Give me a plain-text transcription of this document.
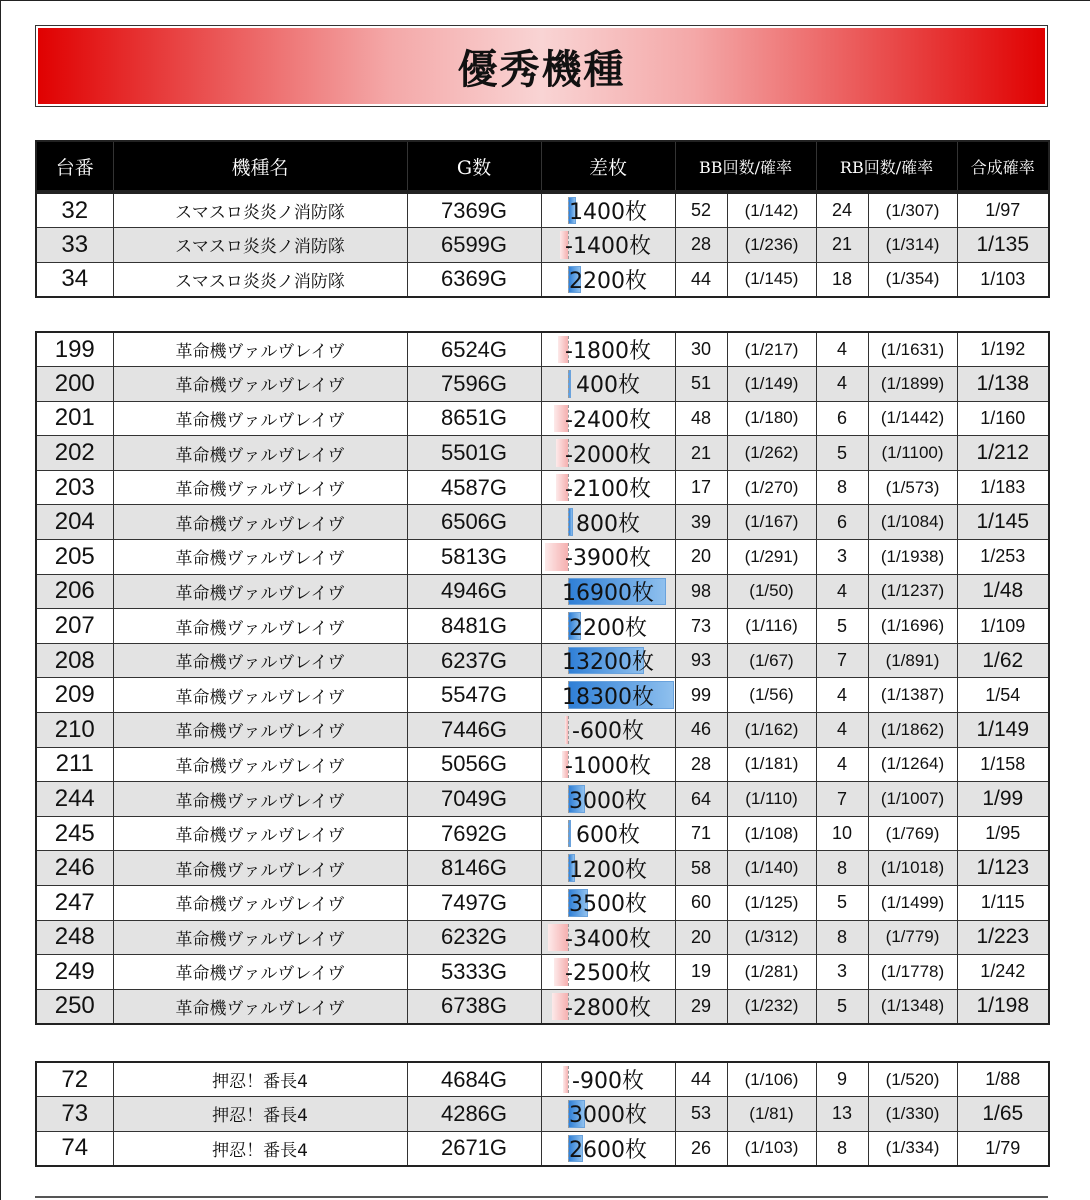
優秀機種
台番	機種名	G数	差枚	BB回数/確率	RB回数/確率	合成確率
32	スマスロ炎炎ノ消防隊	7369G	1400枚	52	(1/142)	24	(1/307)	1/97
33	スマスロ炎炎ノ消防隊	6599G	-1400枚	28	(1/236)	21	(1/314)	1/135
34	スマスロ炎炎ノ消防隊	6369G	2200枚	44	(1/145)	18	(1/354)	1/103
199	革命機ヴァルヴレイヴ	6524G	-1800枚	30	(1/217)	4	(1/1631)	1/192
200	革命機ヴァルヴレイヴ	7596G	400枚	51	(1/149)	4	(1/1899)	1/138
201	革命機ヴァルヴレイヴ	8651G	-2400枚	48	(1/180)	6	(1/1442)	1/160
202	革命機ヴァルヴレイヴ	5501G	-2000枚	21	(1/262)	5	(1/1100)	1/212
203	革命機ヴァルヴレイヴ	4587G	-2100枚	17	(1/270)	8	(1/573)	1/183
204	革命機ヴァルヴレイヴ	6506G	800枚	39	(1/167)	6	(1/1084)	1/145
205	革命機ヴァルヴレイヴ	5813G	-3900枚	20	(1/291)	3	(1/1938)	1/253
206	革命機ヴァルヴレイヴ	4946G	16900枚	98	(1/50)	4	(1/1237)	1/48
207	革命機ヴァルヴレイヴ	8481G	2200枚	73	(1/116)	5	(1/1696)	1/109
208	革命機ヴァルヴレイヴ	6237G	13200枚	93	(1/67)	7	(1/891)	1/62
209	革命機ヴァルヴレイヴ	5547G	18300枚	99	(1/56)	4	(1/1387)	1/54
210	革命機ヴァルヴレイヴ	7446G	-600枚	46	(1/162)	4	(1/1862)	1/149
211	革命機ヴァルヴレイヴ	5056G	-1000枚	28	(1/181)	4	(1/1264)	1/158
244	革命機ヴァルヴレイヴ	7049G	3000枚	64	(1/110)	7	(1/1007)	1/99
245	革命機ヴァルヴレイヴ	7692G	600枚	71	(1/108)	10	(1/769)	1/95
246	革命機ヴァルヴレイヴ	8146G	1200枚	58	(1/140)	8	(1/1018)	1/123
247	革命機ヴァルヴレイヴ	7497G	3500枚	60	(1/125)	5	(1/1499)	1/115
248	革命機ヴァルヴレイヴ	6232G	-3400枚	20	(1/312)	8	(1/779)	1/223
249	革命機ヴァルヴレイヴ	5333G	-2500枚	19	(1/281)	3	(1/1778)	1/242
250	革命機ヴァルヴレイヴ	6738G	-2800枚	29	(1/232)	5	(1/1348)	1/198
72	押忍！番長4	4684G	-900枚	44	(1/106)	9	(1/520)	1/88
73	押忍！番長4	4286G	3000枚	53	(1/81)	13	(1/330)	1/65
74	押忍！番長4	2671G	2600枚	26	(1/103)	8	(1/334)	1/79
